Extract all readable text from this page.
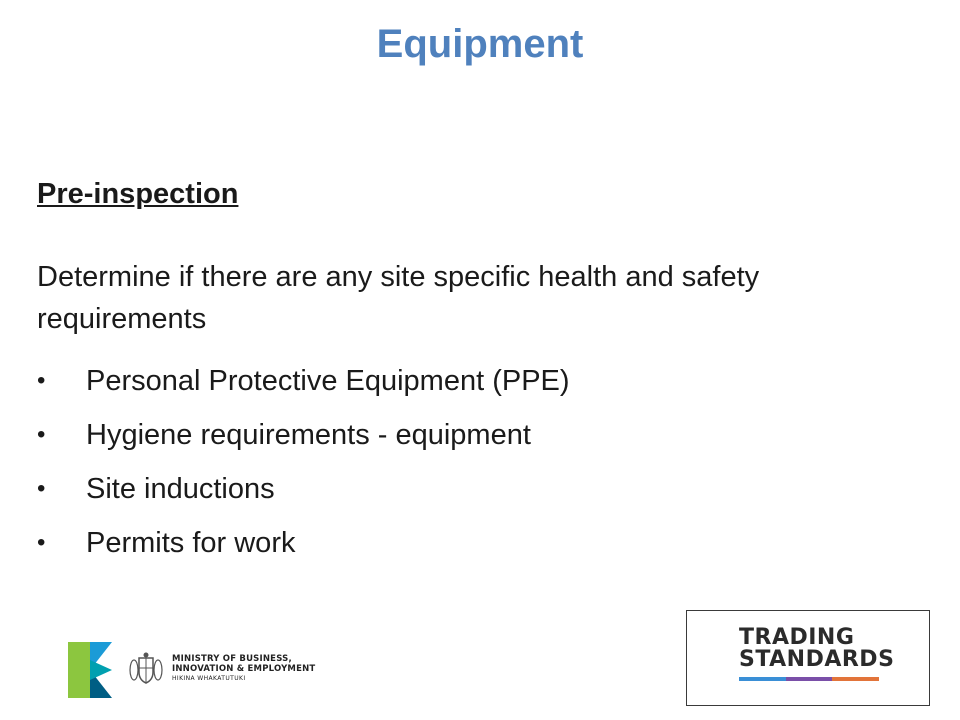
Equipment

Pre-inspection

Determine if there are any site specific health and safety requirements

• Personal Protective Equipment (PPE)
• Hygiene requirements - equipment
• Site inductions
• Permits for work
MINISTRY OF BUSINESS,
INNOVATION & EMPLOYMENT
HIKINA WHAKATUTUKI
TRADING
STANDARDS
